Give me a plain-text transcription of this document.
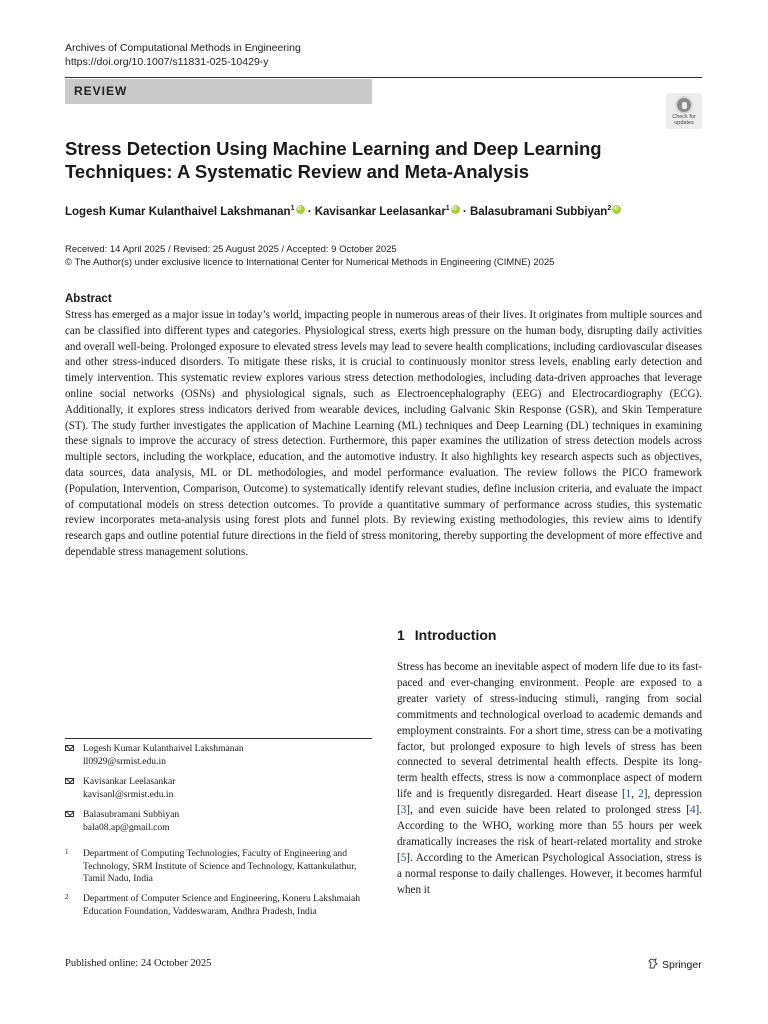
Archives of Computational Methods in Engineering
https://doi.org/10.1007/s11831-025-10429-y
REVIEW
Check for
updates
Stress Detection Using Machine Learning and Deep Learning
Techniques: A Systematic Review and Meta-Analysis
Logesh Kumar Kulanthaivel Lakshmanan$^1$iD · Kavisankar Leelasankar$^1$iD · Balasubramani Subbiyan$^2$iD
Received: 14 April 2025 / Revised: 25 August 2025 / Accepted: 9 October 2025
© The Author(s) under exclusive licence to International Center for Numerical Methods in Engineering (CIMNE) 2025
Abstract
Stress has emerged as a major issue in today’s world, impacting people in numerous areas of their lives. It originates from multiple sources and can be classified into different types and categories. Physiological stress, exerts high pressure on the human body, disrupting daily activities and overall well-being. Prolonged exposure to elevated stress levels may lead to severe health complications, including cardiovascular diseases and other stress-induced disorders. To mitigate these risks, it is crucial to continuously monitor stress levels, enabling early detection and timely intervention. This systematic review explores various stress detection methodologies, including data-driven approaches that leverage online social networks (OSNs) and physiological signals, such as Electroencephalography (EEG) and Electrocardiography (ECG). Additionally, it explores stress indicators derived from wearable devices, including Galvanic Skin Response (GSR), and Skin Temperature (ST). The study further investigates the application of Machine Learning (ML) techniques and Deep Learning (DL) techniques in examining these signals to improve the accuracy of stress detection. Furthermore, this paper examines the utilization of stress detection models across multiple sectors, including the workplace, education, and the automotive industry. It also highlights key research aspects such as objectives, data sources, data analysis, ML or DL methodologies, and model performance evaluation. The review follows the PICO framework (Population, Intervention, Comparison, Outcome) to systematically identify relevant studies, define inclusion criteria, and evaluate the impact of computational models on stress detection outcomes. To provide a quantitative summary of performance across studies, this systematic review incorporates meta-analysis using forest plots and funnel plots. By reviewing existing methodologies, this review aims to identify research gaps and outline potential future directions in the field of stress monitoring, thereby supporting the development of more effective and dependable stress management solutions.
1 Introduction
Stress has become an inevitable aspect of modern life due to its fast-paced and ever-changing environment. People are exposed to a greater variety of stress-inducing stimuli, ranging from social commitments and technological overload to academic demands and employment constraints. For a short time, stress can be a motivating factor, but prolonged exposure to high levels of stress has been connected to several detrimental health effects. Despite its long-term health effects, stress is now a commonplace aspect of modern life and is frequently disregarded. Heart disease [1, 2], depression [3], and even suicide have been related to prolonged stress [4]. According to the WHO, working more than 55 hours per week dramatically increases the risk of heart-related mortality and stroke [5]. According to the American Psychological Association, stress is a normal response to daily challenges. However, it becomes harmful when it
Logesh Kumar Kulanthaivel Lakshmanan
ll0929@srmist.edu.in
Kavisankar Leelasankar
kavisanl@srmist.edu.in
Balasubramani Subbiyan
bala08.ap@gmail.com
1 Department of Computing Technologies, Faculty of Engineering and Technology, SRM Institute of Science and Technology, Kattankulathur, Tamil Nadu, India
2 Department of Computer Science and Engineering, Koneru Lakshmaiah Education Foundation, Vaddeswaram, Andhra Pradesh, India
Published online: 24 October 2025	Springer
